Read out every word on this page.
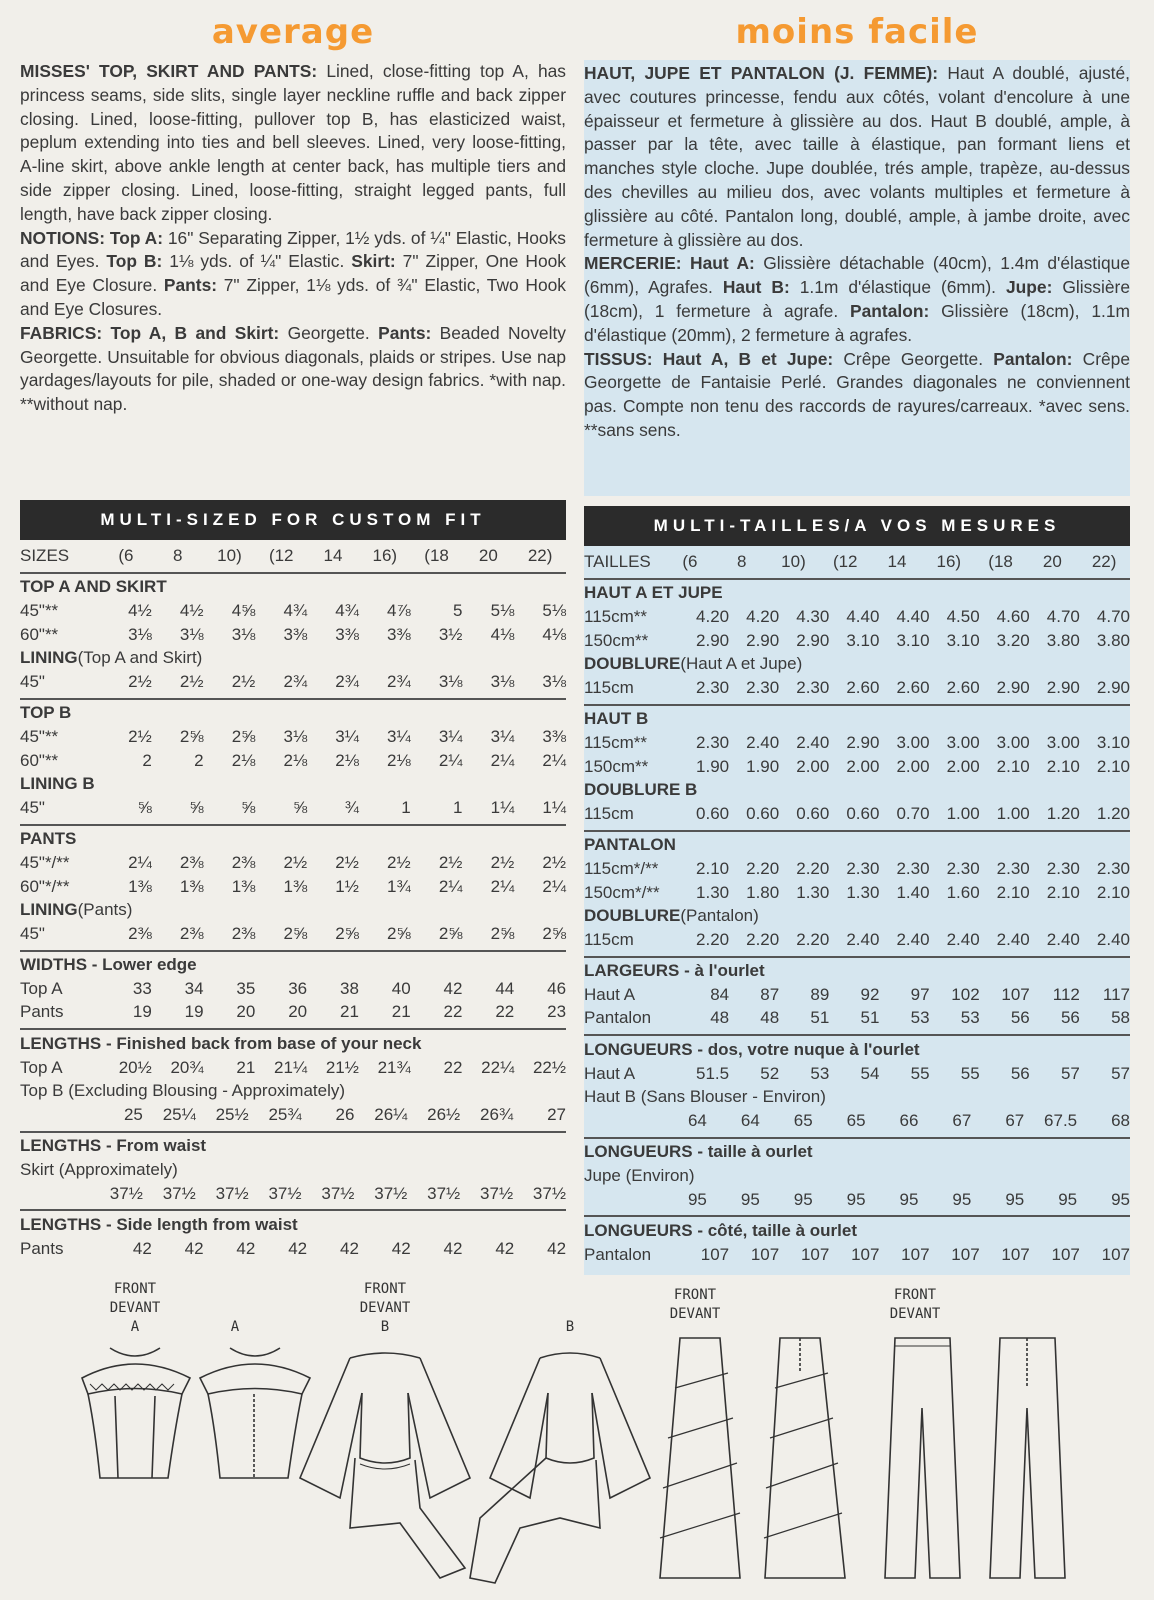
average
MISSES' TOP, SKIRT AND PANTS: Lined, close-fitting top A, has princess seams, side slits, single layer neckline ruffle and back zipper closing. Lined, loose-fitting, pullover top B, has elasticized waist, peplum extending into ties and bell sleeves. Lined, very loose-fitting, A-line skirt, above ankle length at center back, has multiple tiers and side zipper closing. Lined, loose-fitting, straight legged pants, full length, have back zipper closing.
NOTIONS: Top A: 16" Separating Zipper, 1½ yds. of ¼" Elastic, Hooks and Eyes. Top B: 1⅛ yds. of ¼" Elastic. Skirt: 7" Zipper, One Hook and Eye Closure. Pants: 7" Zipper, 1⅛ yds. of ¾" Elastic, Two Hook and Eye Closures.
FABRICS: Top A, B and Skirt: Georgette. Pants: Beaded Novelty Georgette. Unsuitable for obvious diagonals, plaids or stripes. Use nap yardages/layouts for pile, shaded or one-way design fabrics. *with nap. **without nap.
MULTI-SIZED FOR CUSTOM FIT
SIZES	(6	8	10)	(12	14	16)	(18	20	22)
TOP A AND SKIRT
45"**	4½	4½	4⅝	4¾	4¾	4⅞	5	5⅛	5⅛
60"**	3⅛	3⅛	3⅛	3⅜	3⅜	3⅜	3½	4⅛	4⅛
LINING (Top A and Skirt)
45"	2½	2½	2½	2¾	2¾	2¾	3⅛	3⅛	3⅛
TOP B
45"**	2½	2⅝	2⅝	3⅛	3¼	3¼	3¼	3¼	3⅜
60"**	2	2	2⅛	2⅛	2⅛	2⅛	2¼	2¼	2¼
LINING B
45"	⅝	⅝	⅝	⅝	¾	1	1	1¼	1¼
PANTS
45"*/**	2¼	2⅜	2⅜	2½	2½	2½	2½	2½	2½
60"*/**	1⅜	1⅜	1⅜	1⅜	1½	1¾	2¼	2¼	2¼
LINING (Pants)
45"	2⅜	2⅜	2⅜	2⅝	2⅝	2⅝	2⅝	2⅝	2⅝
WIDTHS - Lower edge
Top A	33	34	35	36	38	40	42	44	46
Pants	19	19	20	20	21	21	22	22	23
LENGTHS - Finished back from base of your neck
Top A	20½	20¾	21	21¼	21½	21¾	22	22¼	22½
Top B (Excluding Blousing - Approximately)
25	25¼	25½	25¾	26	26¼	26½	26¾	27
LENGTHS - From waist
Skirt (Approximately)
37½	37½	37½	37½	37½	37½	37½	37½	37½
LENGTHS - Side length from waist
Pants	42	42	42	42	42	42	42	42	42
moins facile
HAUT, JUPE ET PANTALON (J. FEMME): Haut A doublé, ajusté, avec coutures princesse, fendu aux côtés, volant d'encolure à une épaisseur et fermeture à glissière au dos. Haut B doublé, ample, à passer par la tête, avec taille à élastique, pan formant liens et manches style cloche. Jupe doublée, trés ample, trapèze, au-dessus des chevilles au milieu dos, avec volants multiples et fermeture à glissière au côté. Pantalon long, doublé, ample, à jambe droite, avec fermeture à glissière au dos.
MERCERIE: Haut A: Glissière détachable (40cm), 1.4m d'élastique (6mm), Agrafes. Haut B: 1.1m d'élastique (6mm). Jupe: Glissière (18cm), 1 fermeture à agrafe. Pantalon: Glissière (18cm), 1.1m d'élastique (20mm), 2 fermeture à agrafes.
TISSUS: Haut A, B et Jupe: Crêpe Georgette. Pantalon: Crêpe Georgette de Fantaisie Perlé. Grandes diagonales ne conviennent pas. Compte non tenu des raccords de rayures/carreaux. *avec sens. **sans sens.
MULTI-TAILLES/A VOS MESURES
TAILLES	(6	8	10)	(12	14	16)	(18	20	22)
HAUT A ET JUPE
115cm**	4.20	4.20	4.30	4.40	4.40	4.50	4.60	4.70	4.70
150cm**	2.90	2.90	2.90	3.10	3.10	3.10	3.20	3.80	3.80
DOUBLURE (Haut A et Jupe)
115cm	2.30	2.30	2.30	2.60	2.60	2.60	2.90	2.90	2.90
HAUT B
115cm**	2.30	2.40	2.40	2.90	3.00	3.00	3.00	3.00	3.10
150cm**	1.90	1.90	2.00	2.00	2.00	2.00	2.10	2.10	2.10
DOUBLURE B
115cm	0.60	0.60	0.60	0.60	0.70	1.00	1.00	1.20	1.20
PANTALON
115cm*/**	2.10	2.20	2.20	2.30	2.30	2.30	2.30	2.30	2.30
150cm*/**	1.30	1.80	1.30	1.30	1.40	1.60	2.10	2.10	2.10
DOUBLURE (Pantalon)
115cm	2.20	2.20	2.20	2.40	2.40	2.40	2.40	2.40	2.40
LARGEURS - à l'ourlet
Haut A	84	87	89	92	97	102	107	112	117
Pantalon	48	48	51	51	53	53	56	56	58
LONGUEURS - dos, votre nuque à l'ourlet
Haut A	51.5	52	53	54	55	55	56	57	57
Haut B (Sans Blouser - Environ)
64	64	65	65	66	67	67	67.5	68
LONGUEURS - taille à ourlet
Jupe (Environ)
95	95	95	95	95	95	95	95	95
LONGUEURS - côté, taille à ourlet
Pantalon	107	107	107	107	107	107	107	107	107
FRONT
DEVANT
A	A
FRONT
DEVANT
B	B
FRONT
DEVANT
FRONT
DEVANT
